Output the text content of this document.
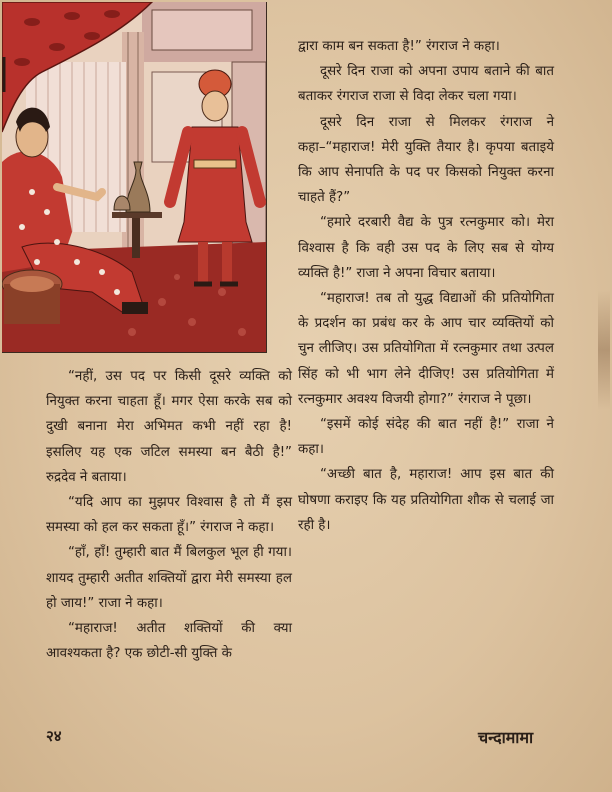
“नहीं, उस पद पर किसी दूसरे व्यक्ति को नियुक्त करना चाहता हूँ। मगर ऐसा करके सब को दुखी बनाना मेरा अभिमत कभी नहीं रहा है! इसलिए यह एक जटिल समस्या बन बैठी है!” रुद्रदेव ने बताया।

“यदि आप का मुझपर विश्वास है तो मैं इस समस्या को हल कर सकता हूँ।” रंगराज ने कहा।

“हाँ, हाँ! तुम्हारी बात मैं बिलकुल भूल ही गया। शायद तुम्हारी अतीत शक्तियों द्वारा मेरी समस्या हल हो जाय!” राजा ने कहा।

“महाराज! अतीत शक्तियों की क्या आवश्यकता है? एक छोटी-सी युक्ति के

द्वारा काम बन सकता है!” रंगराज ने कहा।

दूसरे दिन राजा को अपना उपाय बताने की बात बताकर रंगराज राजा से विदा लेकर चला गया।

दूसरे दिन राजा से मिलकर रंगराज ने कहा–“महाराज! मेरी युक्ति तैयार है। कृपया बताइये कि आप सेनापति के पद पर किसको नियुक्त करना चाहते हैं?”

“हमारे दरबारी वैद्य के पुत्र रत्नकुमार को। मेरा विश्वास है कि वही उस पद के लिए सब से योग्य व्यक्ति है!” राजा ने अपना विचार बताया।

“महाराज! तब तो युद्ध विद्याओं की प्रतियोगिता के प्रदर्शन का प्रबंध कर के आप चार व्यक्तियों को चुन लीजिए। उस प्रतियोगिता में रत्नकुमार तथा उत्पल सिंह को भी भाग लेने दीजिए! उस प्रतियोगिता में रत्नकुमार अवश्य विजयी होगा?” रंगराज ने पूछा।

“इसमें कोई संदेह की बात नहीं है!” राजा ने कहा।

“अच्छी बात है, महाराज! आप इस बात की घोषणा कराइए कि यह प्रतियोगिता शौक से चलाई जा रही है।

२४	चन्दामामा
